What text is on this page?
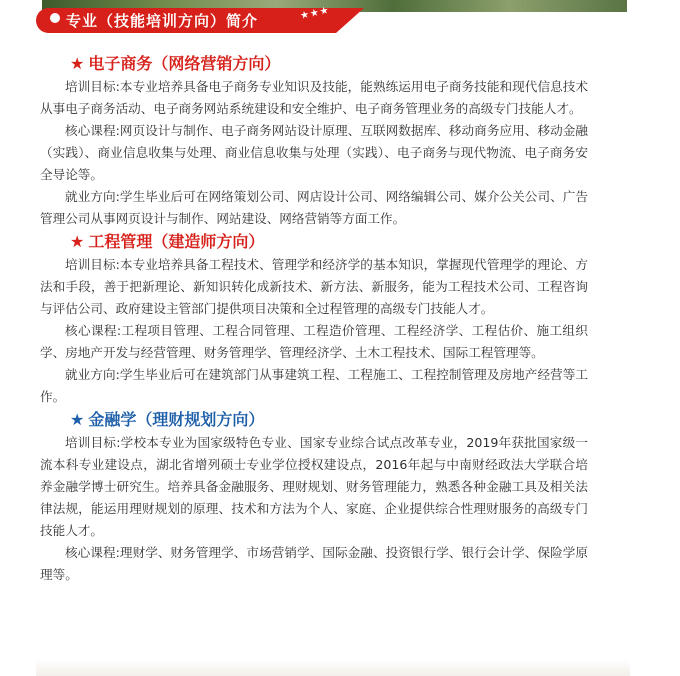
专业（技能培训方向）简介	★★★
★ 电子商务（网络营销方向）

培训目标:本专业培养具备电子商务专业知识及技能，能熟练运用电子商务技能和现代信息技术从事电子商务活动、电子商务网站系统建设和安全维护、电子商务管理业务的高级专门技能人才。

核心课程:网页设计与制作、电子商务网站设计原理、互联网数据库、移动商务应用、移动金融（实践）、商业信息收集与处理、商业信息收集与处理（实践）、电子商务与现代物流、电子商务安全导论等。

就业方向:学生毕业后可在网络策划公司、网店设计公司、网络编辑公司、媒介公关公司、广告管理公司从事网页设计与制作、网站建设、网络营销等方面工作。

★ 工程管理（建造师方向）

培训目标:本专业培养具备工程技术、管理学和经济学的基本知识，掌握现代管理学的理论、方法和手段，善于把新理论、新知识转化成新技术、新方法、新服务，能为工程技术公司、工程咨询与评估公司、政府建设主管部门提供项目决策和全过程管理的高级专门技能人才。

核心课程:工程项目管理、工程合同管理、工程造价管理、工程经济学、工程估价、施工组织学、房地产开发与经营管理、财务管理学、管理经济学、土木工程技术、国际工程管理等。

就业方向:学生毕业后可在建筑部门从事建筑工程、工程施工、工程控制管理及房地产经营等工作。

★ 金融学（理财规划方向）

培训目标:学校本专业为国家级特色专业、国家专业综合试点改革专业，2019年获批国家级一流本科专业建设点，湖北省增列硕士专业学位授权建设点，2016年起与中南财经政法大学联合培养金融学博士研究生。培养具备金融服务、理财规划、财务管理能力，熟悉各种金融工具及相关法律法规，能运用理财规划的原理、技术和方法为个人、家庭、企业提供综合性理财服务的高级专门技能人才。

核心课程:理财学、财务管理学、市场营销学、国际金融、投资银行学、银行会计学、保险学原理等。
